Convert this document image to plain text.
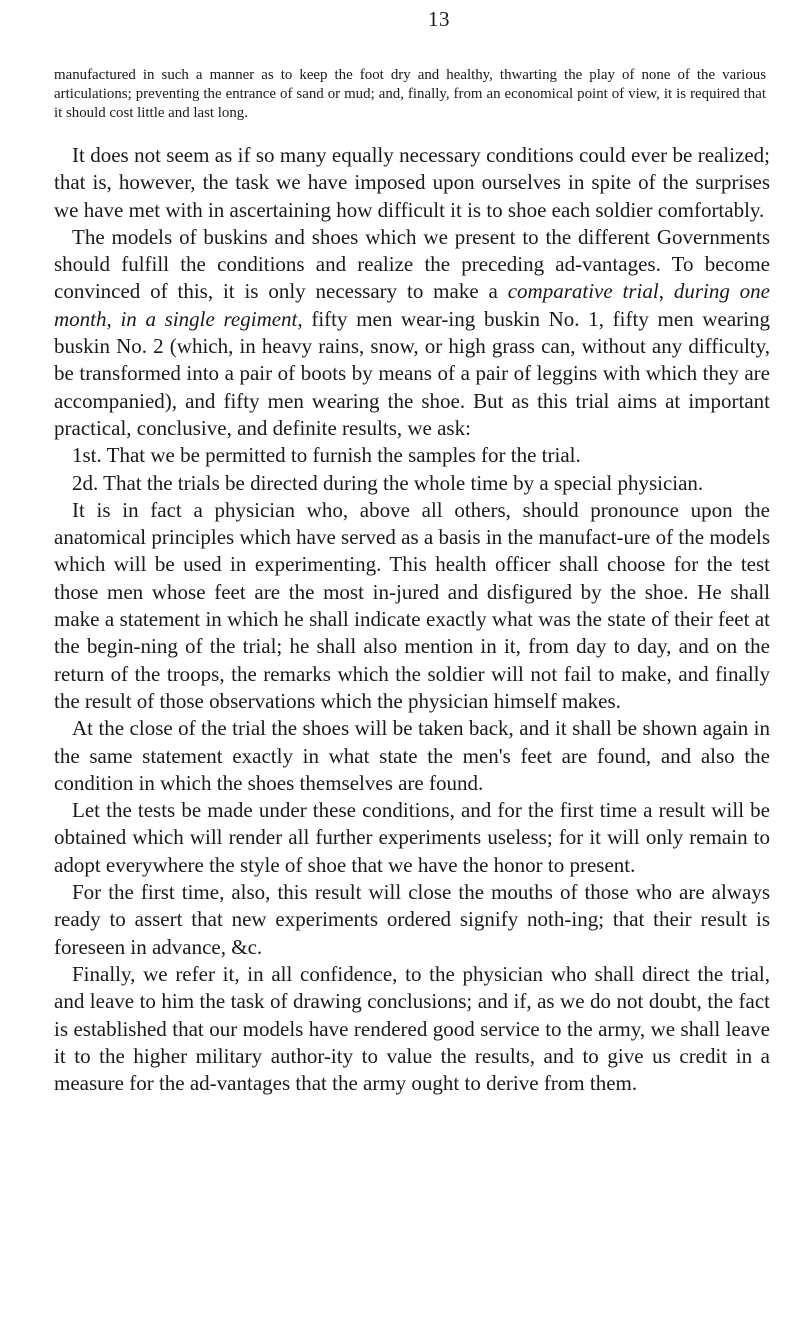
13
manufactured in such a manner as to keep the foot dry and healthy, thwarting the play of none of the various articulations; preventing the entrance of sand or mud; and, finally, from an economical point of view, it is required that it should cost little and last long.

It does not seem as if so many equally necessary conditions could ever be realized; that is, however, the task we have imposed upon ourselves in spite of the surprises we have met with in ascertaining how difficult it is to shoe each soldier comfortably.

The models of buskins and shoes which we present to the different Governments should fulfill the conditions and realize the preceding ad-vantages. To become convinced of this, it is only necessary to make a comparative trial, during one month, in a single regiment, fifty men wear-ing buskin No. 1, fifty men wearing buskin No. 2 (which, in heavy rains, snow, or high grass can, without any difficulty, be transformed into a pair of boots by means of a pair of leggins with which they are accompanied), and fifty men wearing the shoe. But as this trial aims at important practical, conclusive, and definite results, we ask:

1st. That we be permitted to furnish the samples for the trial.

2d. That the trials be directed during the whole time by a special physician.

It is in fact a physician who, above all others, should pronounce upon the anatomical principles which have served as a basis in the manufact-ure of the models which will be used in experimenting. This health officer shall choose for the test those men whose feet are the most in-jured and disfigured by the shoe. He shall make a statement in which he shall indicate exactly what was the state of their feet at the begin-ning of the trial; he shall also mention in it, from day to day, and on the return of the troops, the remarks which the soldier will not fail to make, and finally the result of those observations which the physician himself makes.

At the close of the trial the shoes will be taken back, and it shall be shown again in the same statement exactly in what state the men's feet are found, and also the condition in which the shoes themselves are found.

Let the tests be made under these conditions, and for the first time a result will be obtained which will render all further experiments useless; for it will only remain to adopt everywhere the style of shoe that we have the honor to present.

For the first time, also, this result will close the mouths of those who are always ready to assert that new experiments ordered signify noth-ing; that their result is foreseen in advance, &c.

Finally, we refer it, in all confidence, to the physician who shall direct the trial, and leave to him the task of drawing conclusions; and if, as we do not doubt, the fact is established that our models have rendered good service to the army, we shall leave it to the higher military author-ity to value the results, and to give us credit in a measure for the ad-vantages that the army ought to derive from them.
